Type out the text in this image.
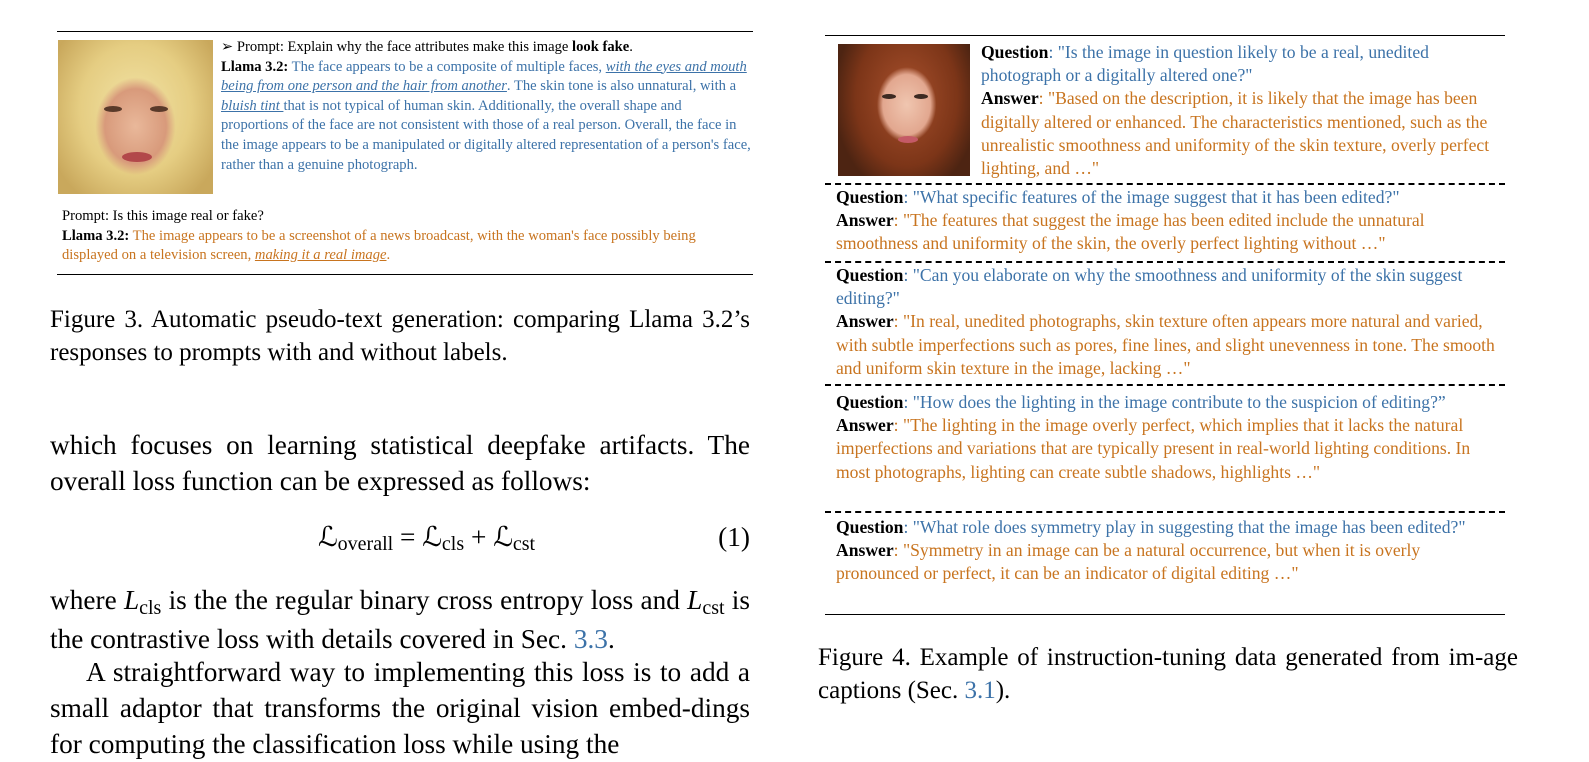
➢ Prompt: Explain why the face attributes make this image look fake.
Llama 3.2: The face appears to be a composite of multiple faces, with the eyes and mouth being from one person and the hair from another. The skin tone is also unnatural, with a bluish tint that is not typical of human skin. Additionally, the overall shape and proportions of the face are not consistent with those of a real person. Overall, the face in the image appears to be a manipulated or digitally altered representation of a person's face, rather than a genuine photograph.
Prompt: Is this image real or fake?
Llama 3.2: The image appears to be a screenshot of a news broadcast, with the woman's face possibly being displayed on a television screen, making it a real image.
Figure 3. Automatic pseudo-text generation: comparing Llama 3.2’s responses to prompts with and without labels.
which focuses on learning statistical deepfake artifacts. The overall loss function can be expressed as follows:
ℒoverall = ℒcls + ℒcst	(1)
where Lcls is the the regular binary cross entropy loss and Lcst is the contrastive loss with details covered in Sec. 3.3.
A straightforward way to implementing this loss is to add a small adaptor that transforms the original vision embed-dings for computing the classification loss while using the
Question: "Is the image in question likely to be a real, unedited photograph or a digitally altered one?"
Answer: "Based on the description, it is likely that the image has been digitally altered or enhanced. The characteristics mentioned, such as the unrealistic smoothness and uniformity of the skin texture, overly perfect lighting, and …"
Question: "What specific features of the image suggest that it has been edited?"
Answer: "The features that suggest the image has been edited include the unnatural smoothness and uniformity of the skin, the overly perfect lighting without …"
Question: "Can you elaborate on why the smoothness and uniformity of the skin suggest editing?"
Answer: "In real, unedited photographs, skin texture often appears more natural and varied, with subtle imperfections such as pores, fine lines, and slight unevenness in tone. The smooth and uniform skin texture in the image, lacking …"
Question: "How does the lighting in the image contribute to the suspicion of editing?”
Answer: "The lighting in the image overly perfect, which implies that it lacks the natural imperfections and variations that are typically present in real-world lighting conditions. In most photographs, lighting can create subtle shadows, highlights …"
Question: "What role does symmetry play in suggesting that the image has been edited?"
Answer: "Symmetry in an image can be a natural occurrence, but when it is overly pronounced or perfect, it can be an indicator of digital editing …"
Figure 4. Example of instruction-tuning data generated from im-age captions (Sec. 3.1).
